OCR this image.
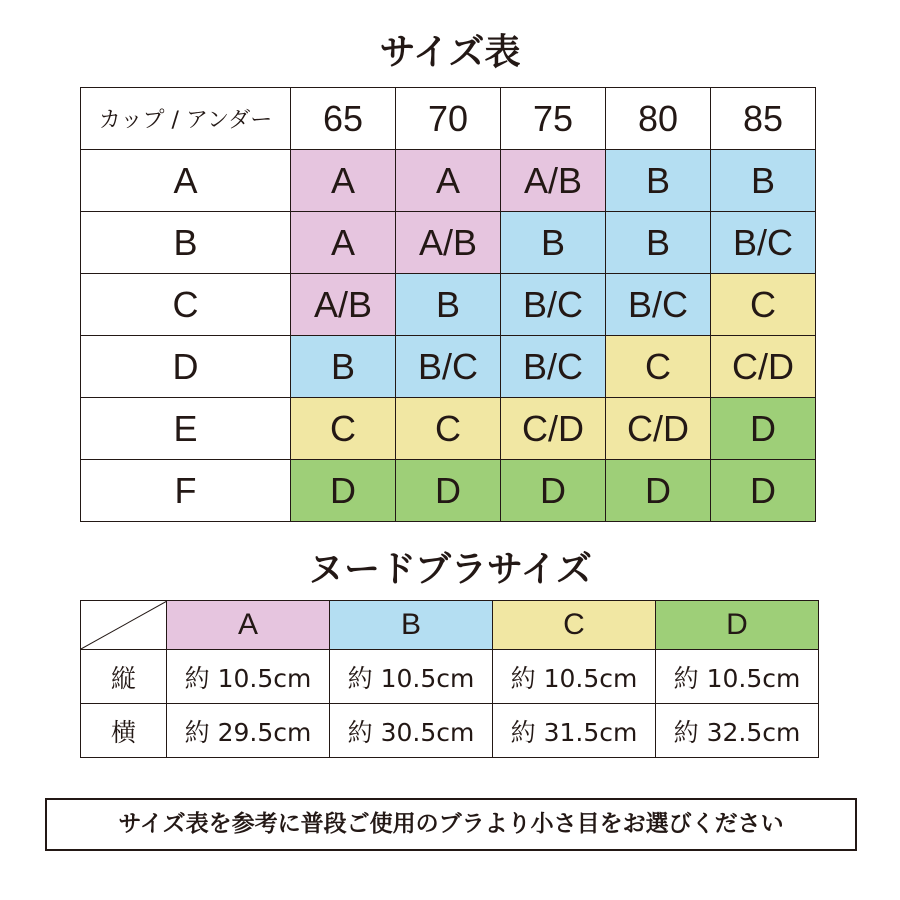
サイズ表
カップ / アンダー	65	70	75	80	85
A	A	A	A/B	B	B
B	A	A/B	B	B	B/C
C	A/B	B	B/C	B/C	C
D	B	B/C	B/C	C	C/D
E	C	C	C/D	C/D	D
F	D	D	D	D	D
ヌードブラサイズ
	A	B	C	D
縦	約 10.5cm	約 10.5cm	約 10.5cm	約 10.5cm
横	約 29.5cm	約 30.5cm	約 31.5cm	約 32.5cm
サイズ表を参考に普段ご使用のブラより小さ目をお選びください
